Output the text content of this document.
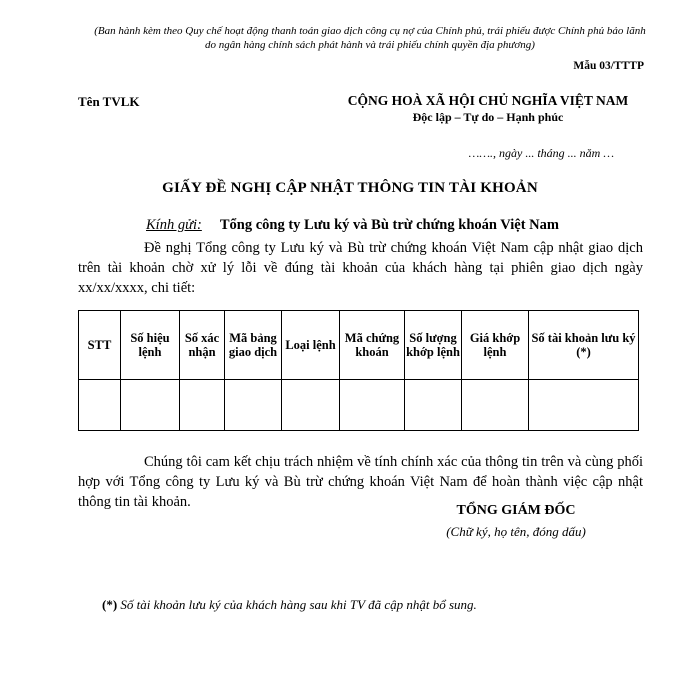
(Ban hành kèm theo Quy chế hoạt động thanh toán giao dịch công cụ nợ của Chính phủ, trái phiếu được Chính phủ bảo lãnh do ngân hàng chính sách phát hành và trái phiếu chính quyền địa phương)
Mẫu 03/TTTP
Tên TVLK	CỘNG HOÀ XÃ HỘI CHỦ NGHĨA VIỆT NAM
Độc lập – Tự do – Hạnh phúc
……., ngày ... tháng ... năm …
GIẤY ĐỀ NGHỊ CẬP NHẬT THÔNG TIN TÀI KHOẢN
Kính gửi: Tổng công ty Lưu ký và Bù trừ chứng khoán Việt Nam
Đề nghị Tổng công ty Lưu ký và Bù trừ chứng khoán Việt Nam cập nhật giao dịch trên tài khoản chờ xử lý lỗi về đúng tài khoản của khách hàng tại phiên giao dịch ngày xx/xx/xxxx, chi tiết:
STT	Số hiệu lệnh	Số xác nhận	Mã bảng giao dịch	Loại lệnh	Mã chứng khoán	Số lượng khớp lệnh	Giá khớp lệnh	Số tài khoản lưu ký (*)

Chúng tôi cam kết chịu trách nhiệm về tính chính xác của thông tin trên và cùng phối hợp với Tổng công ty Lưu ký và Bù trừ chứng khoán Việt Nam để hoàn thành việc cập nhật thông tin tài khoản.
TỔNG GIÁM ĐỐC
(Chữ ký, họ tên, đóng dấu)
(*) Số tài khoản lưu ký của khách hàng sau khi TV đã cập nhật bổ sung.
